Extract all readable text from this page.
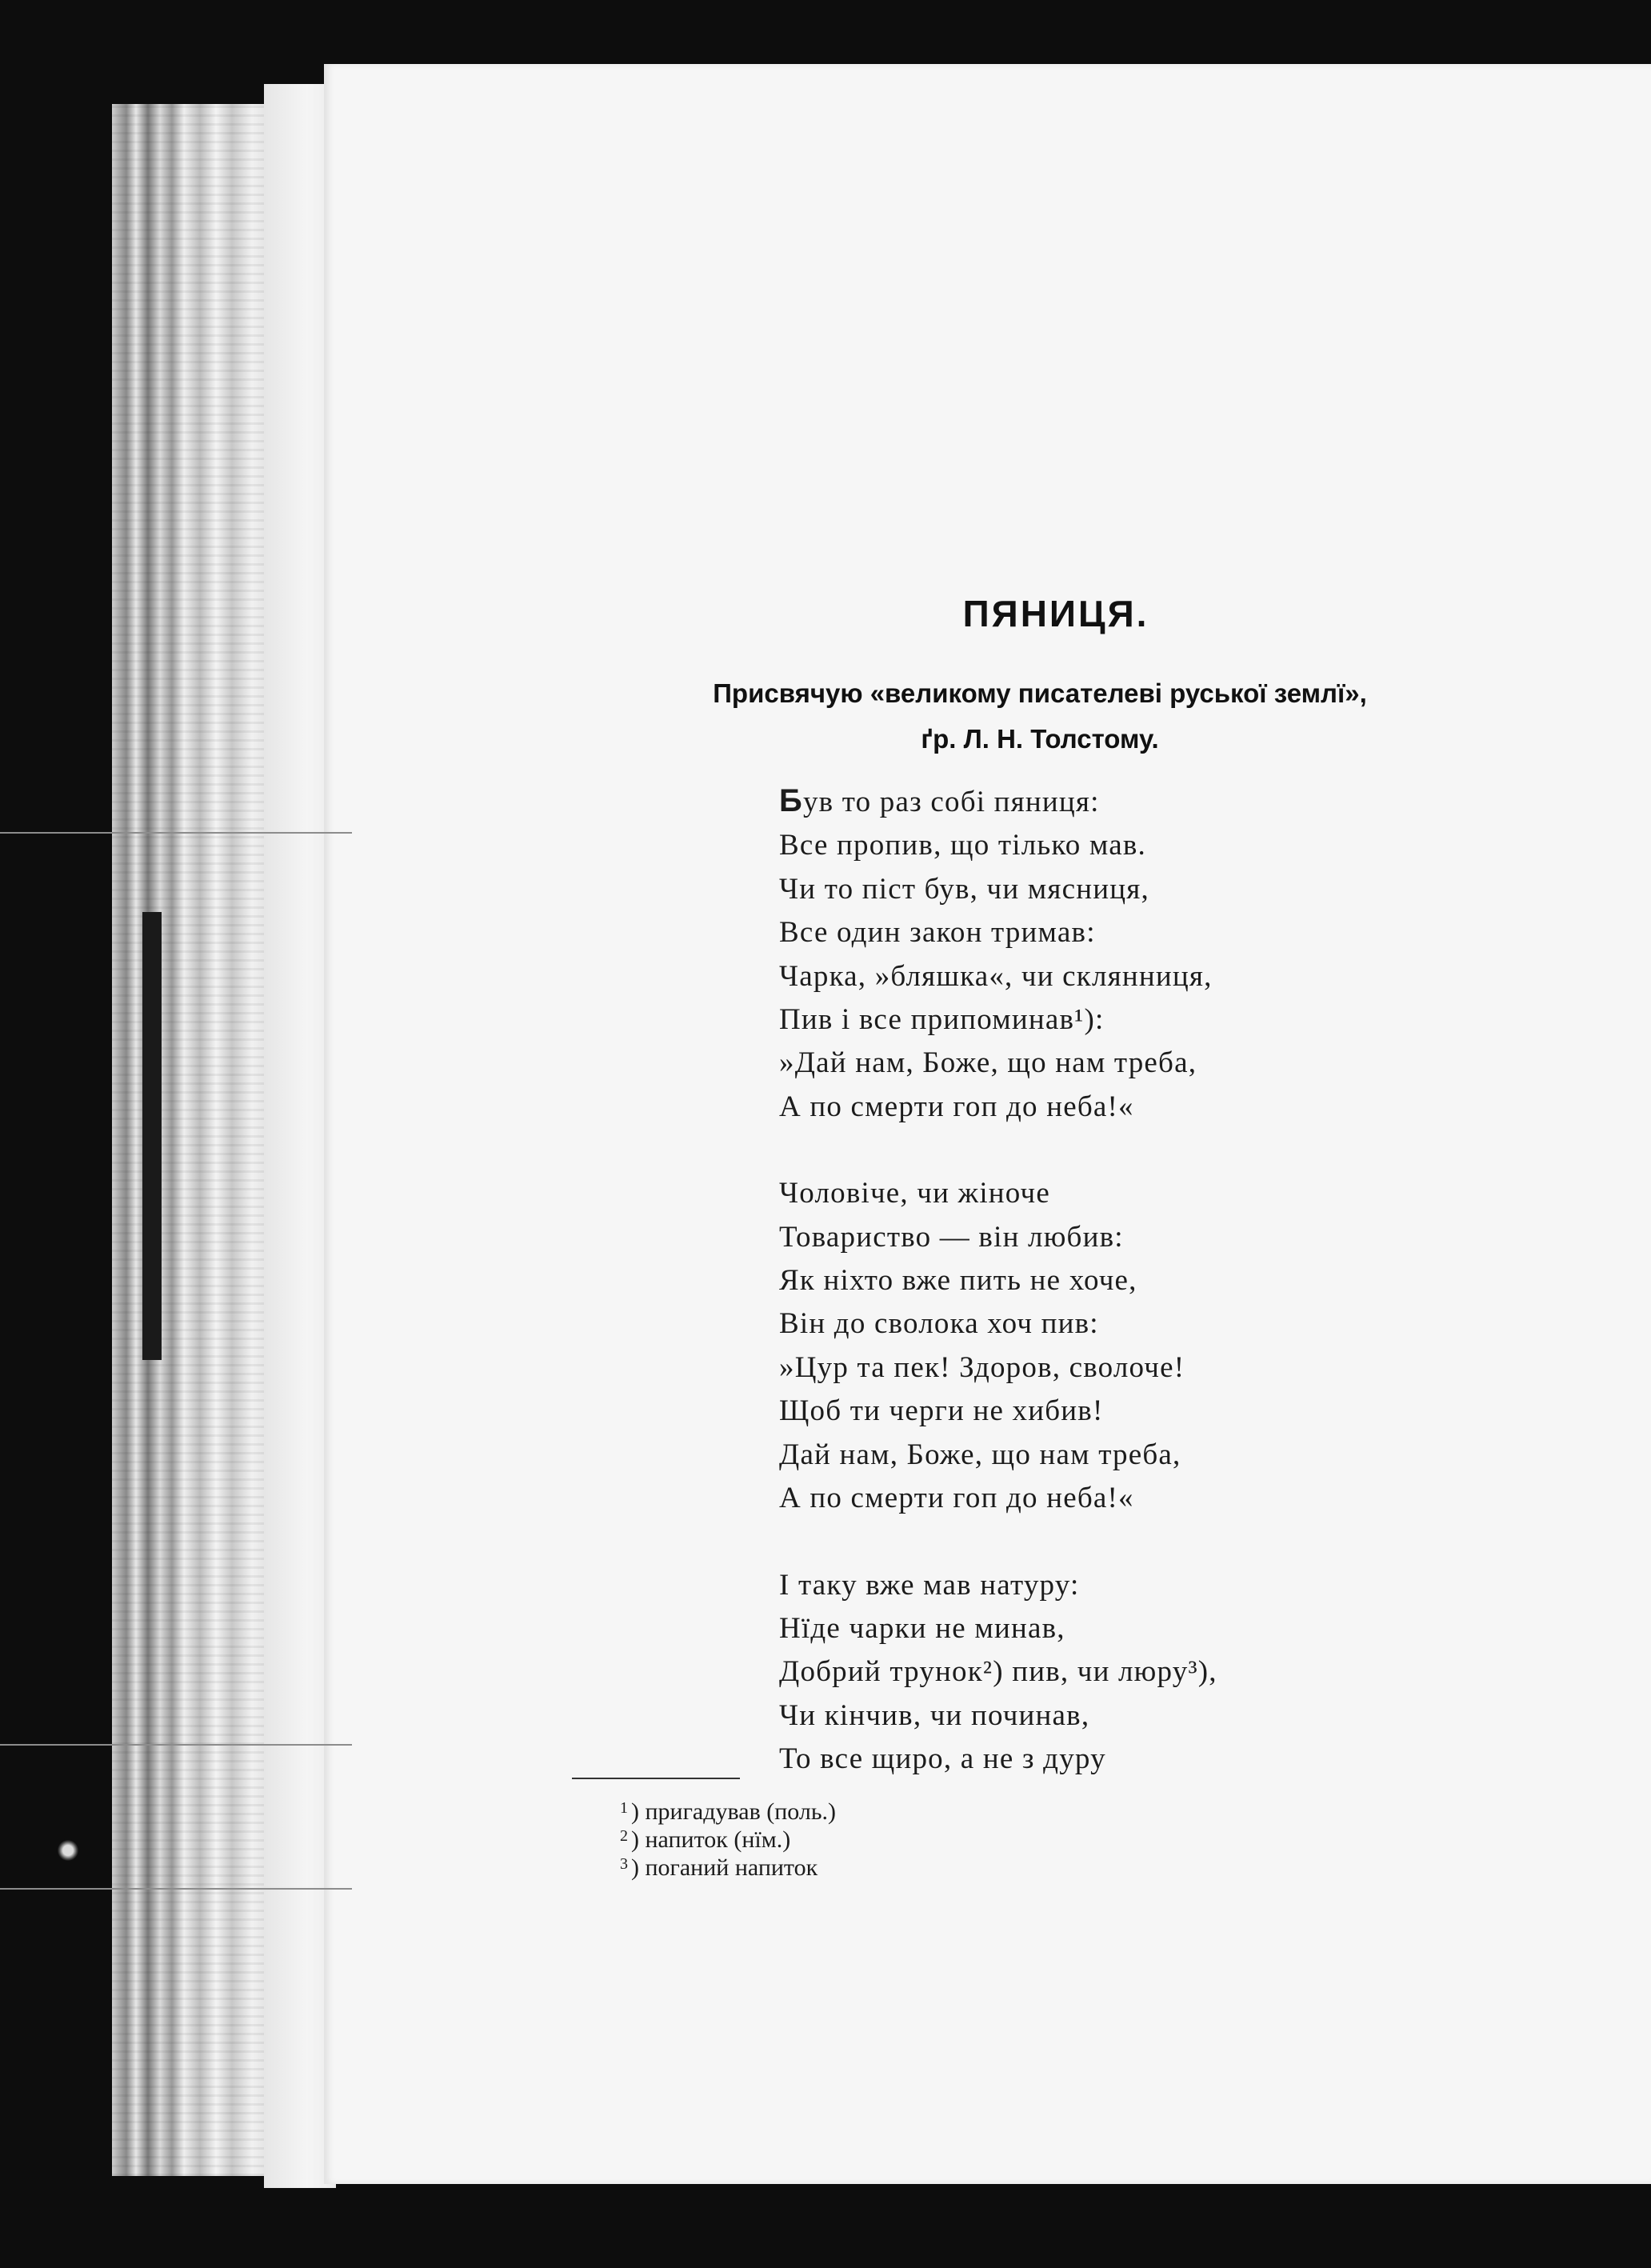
ПЯНИЦЯ.
Присвячую «великому писателеві руської землї»,
ґр. Л. Н. Толстому.
Був то раз собі пяниця:
Все пропив, що тілько мав.
Чи то піст був, чи мясниця,
Все один закон тримав:
Чарка, »бляшка«, чи склянниця,
Пив і все припоминав¹):
»Дай нам, Боже, що нам треба,
А по смерти гоп до неба!«
Чоловіче, чи жіноче
Товариство — він любив:
Як ніхто вже пить не хоче,
Він до сволока хоч пив:
»Цур та пек! Здоров, сволоче!
Щоб ти черги не хибив!
Дай нам, Боже, що нам треба,
А по смерти гоп до неба!«
І таку вже мав натуру:
Нїде чарки не минав,
Добрий трунок²) пив, чи люру³),
Чи кінчив, чи починав,
То все щиро, а не з дуру
$^1$ ) пригадував (поль.)
$^2$ ) напиток (нїм.)
$^3$ ) поганий напиток
